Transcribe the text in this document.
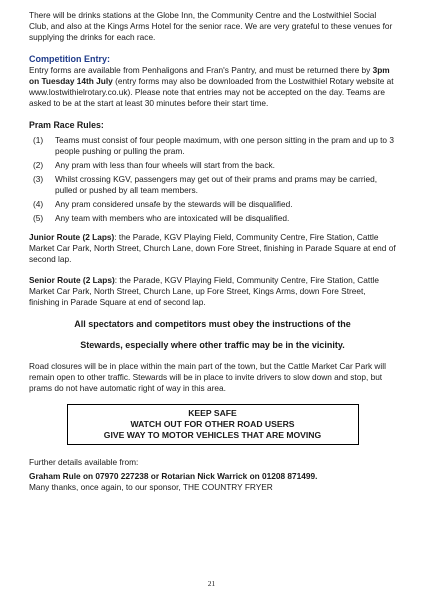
There will be drinks stations at the Globe Inn, the Community Centre and the Lostwithiel Social Club, and also at the Kings Arms Hotel for the senior race. We are very grateful to these venues for supplying the drinks for each race.

Competition Entry:

Entry forms are available from Penhaligons and Fran's Pantry, and must be returned there by 3pm on Tuesday 14th July (entry forms may also be downloaded from the Lostwithiel Rotary website at www.lostwithielrotary.co.uk). Please note that entries may not be accepted on the day. Teams are asked to be at the start at least 30 minutes before their start time.

Pram Race Rules:
(1)	Teams must consist of four people maximum, with one person sitting in the pram and up to 3 people pushing or pulling the pram.
(2)	Any pram with less than four wheels will start from the back.
(3)	Whilst crossing KGV, passengers may get out of their prams and prams may be carried, pulled or pushed by all team members.
(4)	Any pram considered unsafe by the stewards will be disqualified.
(5)	Any team with members who are intoxicated will be disqualified.

Junior Route (2 Laps): the Parade, KGV Playing Field, Community Centre, Fire Station, Cattle Market Car Park, North Street, Church Lane, down Fore Street, finishing in Parade Square at end of second lap.

Senior Route (2 Laps): the Parade, KGV Playing Field, Community Centre, Fire Station, Cattle Market Car Park, North Street, Church Lane, up Fore Street, Kings Arms, down Fore Street, finishing in Parade Square at end of second lap.

All spectators and competitors must obey the instructions of the

Stewards, especially where other traffic may be in the vicinity.

Road closures will be in place within the main part of the town, but the Cattle Market Car Park will remain open to other traffic. Stewards will be in place to invite drivers to slow down and stop, but prams do not have automatic right of way in this area.

KEEP SAFE
WATCH OUT FOR OTHER ROAD USERS
GIVE WAY TO MOTOR VEHICLES THAT ARE MOVING

Further details available from:

Graham Rule on 07970 227238 or Rotarian Nick Warrick on 01208 871499.

Many thanks, once again, to our sponsor, THE COUNTRY FRYER

21
